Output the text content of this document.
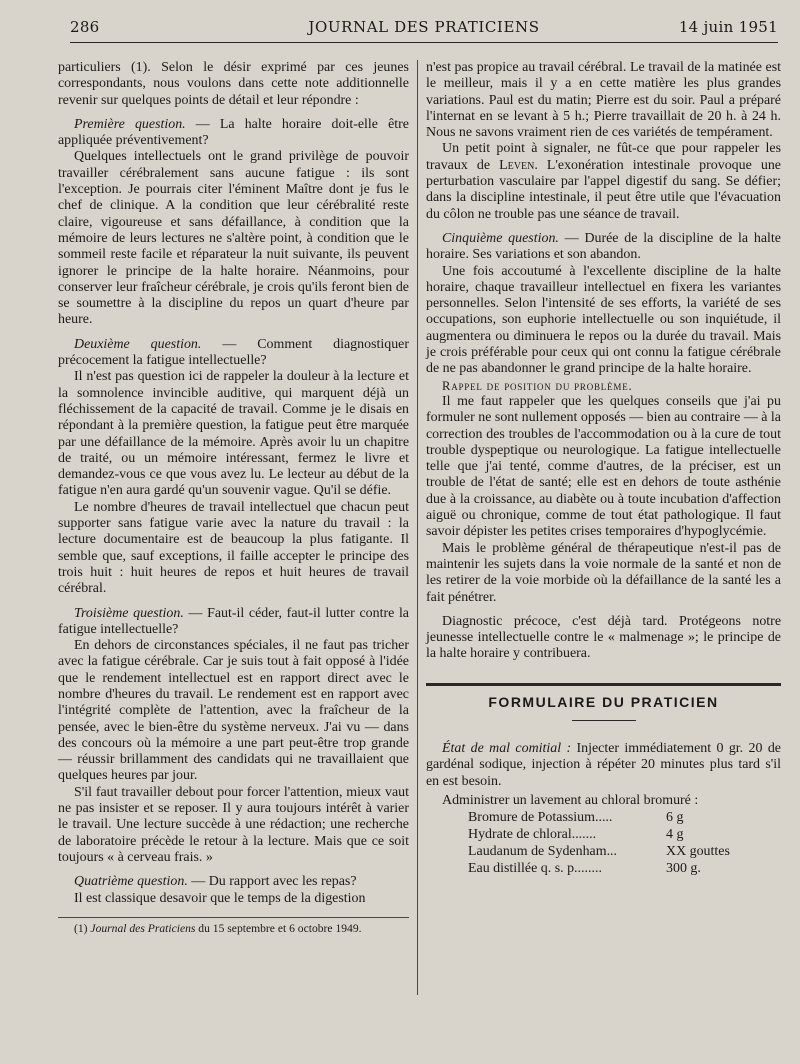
286	JOURNAL DES PRATICIENS	14 juin 1951

particuliers (1). Selon le désir exprimé par ces jeunes correspondants, nous voulons dans cette note additionnelle revenir sur quelques points de détail et leur répondre :

Première question. — La halte horaire doit-elle être appliquée préventivement?

Quelques intellectuels ont le grand privilège de pouvoir travailler cérébralement sans aucune fatigue : ils sont l'exception. Je pourrais citer l'éminent Maître dont je fus le chef de clinique. A la condition que leur cérébralité reste claire, vigoureuse et sans défaillance, à condition que la mémoire de leurs lectures ne s'altère point, à condition que le sommeil reste facile et réparateur la nuit suivante, ils peuvent ignorer le principe de la halte horaire. Néanmoins, pour conserver leur fraîcheur cérébrale, je crois qu'ils feront bien de se soumettre à la discipline du repos un quart d'heure par heure.

Deuxième question. — Comment diagnostiquer précocement la fatigue intellectuelle?

Il n'est pas question ici de rappeler la douleur à la lecture et la somnolence invincible auditive, qui marquent déjà un fléchissement de la capacité de travail. Comme je le disais en répondant à la première question, la fatigue peut être marquée par une défaillance de la mémoire. Après avoir lu un chapitre de traité, ou un mémoire intéressant, fermez le livre et demandez-vous ce que vous avez lu. Le lecteur au début de la fatigue n'en aura gardé qu'un souvenir vague. Qu'il se défie.

Le nombre d'heures de travail intellectuel que chacun peut supporter sans fatigue varie avec la nature du travail : la lecture documentaire est de beaucoup la plus fatigante. Il semble que, sauf exceptions, il faille accepter le principe des trois huit : huit heures de repos et huit heures de travail cérébral.

Troisième question. — Faut-il céder, faut-il lutter contre la fatigue intellectuelle?

En dehors de circonstances spéciales, il ne faut pas tricher avec la fatigue cérébrale. Car je suis tout à fait opposé à l'idée que le rendement intellectuel est en rapport direct avec le nombre d'heures du travail. Le rendement est en rapport avec l'intégrité complète de l'attention, avec la fraîcheur de la pensée, avec le bien-être du système nerveux. J'ai vu — dans des concours où la mémoire a une part peut-être trop grande — réussir brillamment des candidats qui ne travaillaient que quelques heures par jour.

S'il faut travailler debout pour forcer l'attention, mieux vaut ne pas insister et se reposer. Il y aura toujours intérêt à varier le travail. Une lecture succède à une rédaction; une recherche de laboratoire précède le retour à la lecture. Mais que ce soit toujours « à cerveau frais. »

Quatrième question. — Du rapport avec les repas?

Il est classique desavoir que le temps de la digestion

(1) Journal des Praticiens du 15 septembre et 6 octobre 1949.

n'est pas propice au travail cérébral. Le travail de la matinée est le meilleur, mais il y a en cette matière les plus grandes variations. Paul est du matin; Pierre est du soir. Paul a préparé l'internat en se levant à 5 h.; Pierre travaillait de 20 h. à 24 h. Nous ne savons vraiment rien de ces variétés de tempérament.

Un petit point à signaler, ne fût-ce que pour rappeler les travaux de Leven. L'exonération intestinale provoque une perturbation vasculaire par l'appel digestif du sang. Se défier; dans la discipline intestinale, il peut être utile que l'évacuation du côlon ne trouble pas une séance de travail.

Cinquième question. — Durée de la discipline de la halte horaire. Ses variations et son abandon.

Une fois accoutumé à l'excellente discipline de la halte horaire, chaque travailleur intellectuel en fixera les variantes personnelles. Selon l'intensité de ses efforts, la variété de ses occupations, son euphorie intellectuelle ou son inquiétude, il augmentera ou diminuera le repos ou la durée du travail. Mais je crois préférable pour ceux qui ont connu la fatigue cérébrale de ne pas abandonner le grand principe de la halte horaire.

Rappel de position du problème.

Il me faut rappeler que les quelques conseils que j'ai pu formuler ne sont nullement opposés — bien au contraire — à la correction des troubles de l'accommodation ou à la cure de tout trouble dyspeptique ou neurologique. La fatigue intellectuelle telle que j'ai tenté, comme d'autres, de la préciser, est un trouble de l'état de santé; elle est en dehors de toute asthénie due à la croissance, au diabète ou à toute incubation d'affection aiguë ou chronique, comme de tout état pathologique. Il faut savoir dépister les petites crises temporaires d'hypoglycémie.

Mais le problème général de thérapeutique n'est-il pas de maintenir les sujets dans la voie normale de la santé et non de les retirer de la voie morbide où la défaillance de la santé les a fait pénétrer.

Diagnostic précoce, c'est déjà tard. Protégeons notre jeunesse intellectuelle contre le « malmenage »; le principe de la halte horaire y contribuera.

FORMULAIRE DU PRATICIEN

État de mal comitial : Injecter immédiatement 0 gr. 20 de gardénal sodique, injection à répéter 20 minutes plus tard s'il en est besoin.

Administrer un lavement au chloral bromuré :

Bromure de Potassium.....	6 g
Hydrate de chloral.......	4 g
Laudanum de Sydenham...	XX gouttes
Eau distillée q. s. p........	300 g.
